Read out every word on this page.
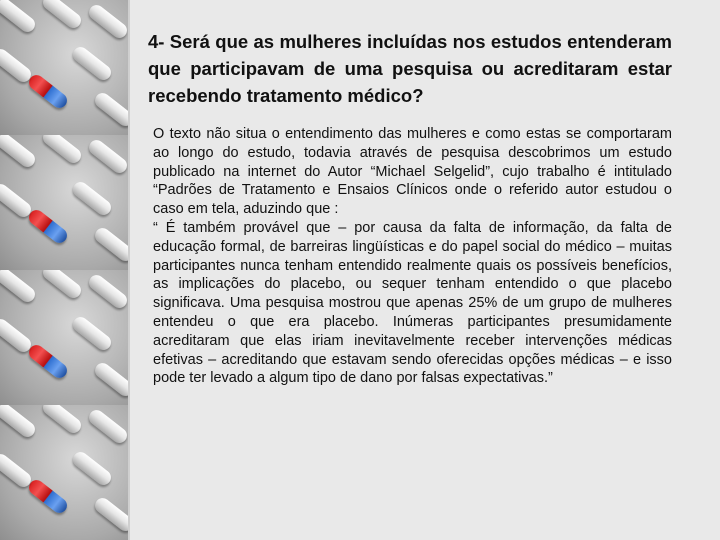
4- Será que as mulheres incluídas nos estudos entenderam que participavam de uma pesquisa ou acreditaram estar recebendo tratamento médico?

O texto não situa o entendimento das mulheres e como estas se comportaram ao longo do estudo, todavia através de pesquisa descobrimos um estudo publicado na internet do Autor “Michael Selgelid”, cujo trabalho é intitulado “Padrões de Tratamento e Ensaios Clínicos onde o referido autor estudou o caso em tela, aduzindo que :

“ É também provável que – por causa da falta de informação, da falta de educação formal, de barreiras lingüísticas e do papel social do médico – muitas participantes nunca tenham entendido realmente quais os possíveis benefícios, as implicações do placebo, ou sequer tenham entendido o que placebo significava. Uma pesquisa mostrou que apenas 25% de um grupo de mulheres entendeu o que era placebo. Inúmeras participantes presumidamente acreditaram que elas iriam inevitavelmente receber intervenções médicas efetivas – acreditando que estavam sendo oferecidas opções médicas – e isso pode ter levado a algum tipo de dano por falsas expectativas.”
